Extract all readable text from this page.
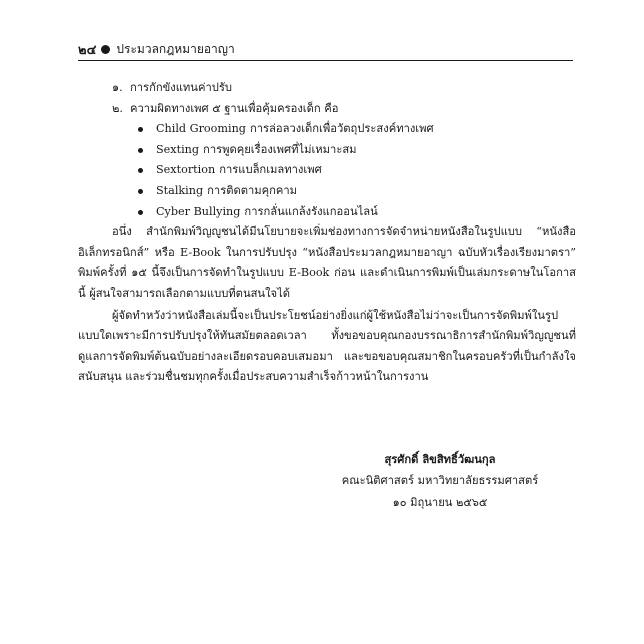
๒๔ ประมวลกฎหมายอาญา
๑. การกักขังแทนค่าปรับ
๒. ความผิดทางเพศ ๕ ฐานเพื่อคุ้มครองเด็ก คือ
Child Grooming การล่อลวงเด็กเพื่อวัตถุประสงค์ทางเพศ
Sexting การพูดคุยเรื่องเพศที่ไม่เหมาะสม
Sextortion การแบล็กเมลทางเพศ
Stalking การติดตามคุกคาม
Cyber Bullying การกลั่นแกล้งรังแกออนไลน์

อนึ่ง สำนักพิมพ์วิญญูชนได้มีนโยบายจะเพิ่มช่องทางการจัดจำหน่ายหนังสือในรูปแบบ “หนังสืออิเล็กทรอนิกส์” หรือ E-Book ในการปรับปรุง “หนังสือประมวลกฎหมายอาญา ฉบับหัวเรื่องเรียงมาตรา” พิมพ์ครั้งที่ ๑๕ นี้จึงเป็นการจัดทำในรูปแบบ E-Book ก่อน และดำเนินการพิมพ์เป็นเล่มกระดาษในโอกาสนี้ ผู้สนใจสามารถเลือกตามแบบที่ตนสนใจได้

ผู้จัดทำหวังว่าหนังสือเล่มนี้จะเป็นประโยชน์อย่างยิ่งแก่ผู้ใช้หนังสือไม่ว่าจะเป็นการจัดพิมพ์ในรูปแบบใดเพราะมีการปรับปรุงให้ทันสมัยตลอดเวลา ทั้งขอขอบคุณกองบรรณาธิการสำนักพิมพ์วิญญูชนที่ดูแลการจัดพิมพ์ต้นฉบับอย่างละเอียดรอบคอบเสมอมา และขอขอบคุณสมาชิกในครอบครัวที่เป็นกำลังใจ สนับสนุน และร่วมชื่นชมทุกครั้งเมื่อประสบความสำเร็จก้าวหน้าในการงาน

สุรศักดิ์ ลิขสิทธิ์วัฒนกุล
คณะนิติศาสตร์ มหาวิทยาลัยธรรมศาสตร์
๑๐ มิถุนายน ๒๕๖๕
